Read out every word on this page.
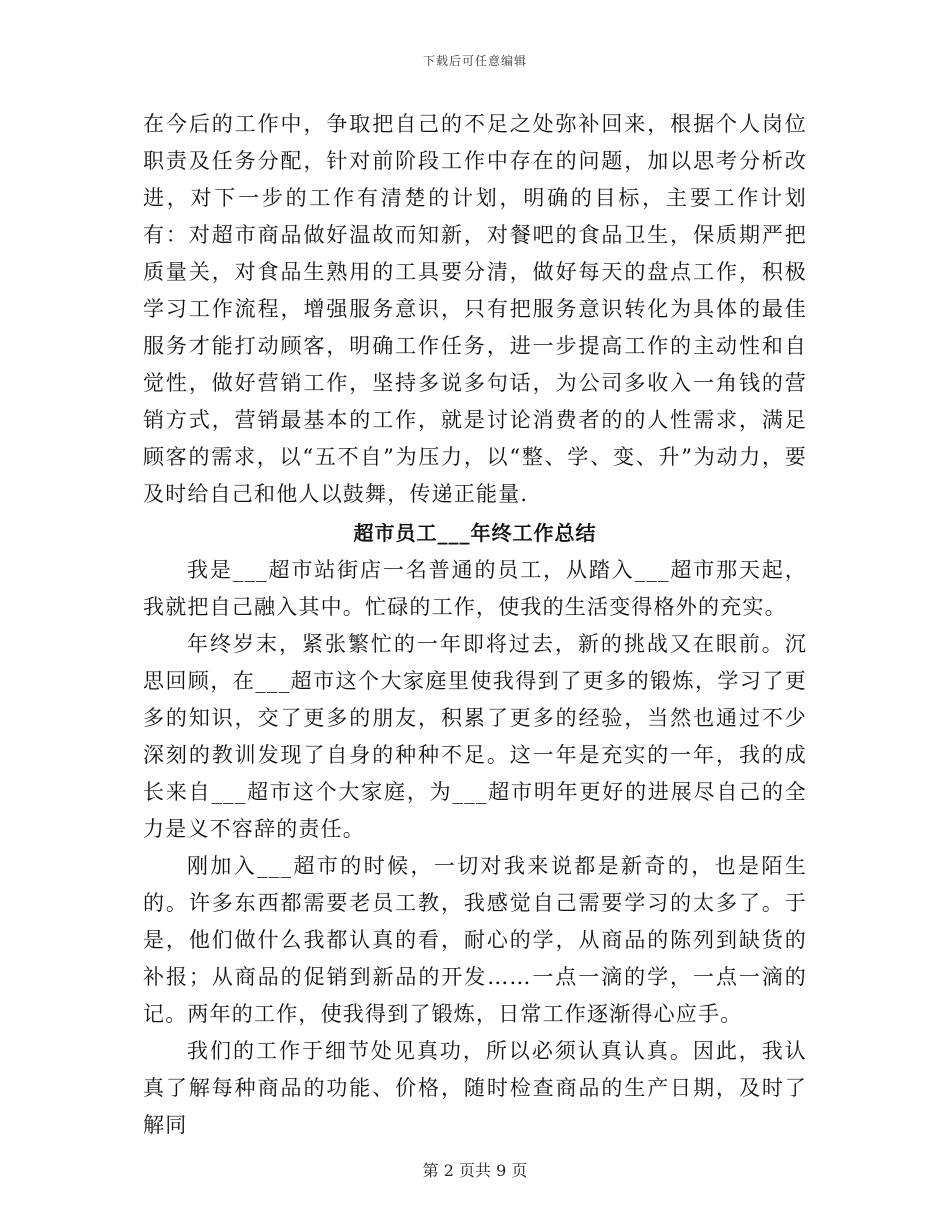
下载后可任意编辑

在今后的工作中，争取把自己的不足之处弥补回来，根据个人岗位职责及任务分配，针对前阶段工作中存在的问题，加以思考分析改进，对下一步的工作有清楚的计划，明确的目标，主要工作计划有：对超市商品做好温故而知新，对餐吧的食品卫生，保质期严把质量关，对食品生熟用的工具要分清，做好每天的盘点工作，积极学习工作流程，增强服务意识，只有把服务意识转化为具体的最佳服务才能打动顾客，明确工作任务，进一步提高工作的主动性和自觉性，做好营销工作，坚持多说多句话，为公司多收入一角钱的营销方式，营销最基本的工作，就是讨论消费者的的人性需求，满足顾客的需求，以“五不自”为压力，以“整、学、变、升”为动力，要及时给自己和他人以鼓舞，传递正能量.

超市员工___年终工作总结

我是___超市站街店一名普通的员工，从踏入___超市那天起，我就把自己融入其中。忙碌的工作，使我的生活变得格外的充实。

年终岁末，紧张繁忙的一年即将过去，新的挑战又在眼前。沉思回顾，在___超市这个大家庭里使我得到了更多的锻炼，学习了更多的知识，交了更多的朋友，积累了更多的经验，当然也通过不少深刻的教训发现了自身的种种不足。这一年是充实的一年，我的成长来自___超市这个大家庭，为___超市明年更好的进展尽自己的全力是义不容辞的责任。

刚加入___超市的时候，一切对我来说都是新奇的，也是陌生的。许多东西都需要老员工教，我感觉自己需要学习的太多了。于是，他们做什么我都认真的看，耐心的学，从商品的陈列到缺货的补报；从商品的促销到新品的开发……一点一滴的学，一点一滴的记。两年的工作，使我得到了锻炼，日常工作逐渐得心应手。

我们的工作于细节处见真功，所以必须认真认真。因此，我认真了解每种商品的功能、价格，随时检查商品的生产日期，及时了解同

第 2 页共 9 页
